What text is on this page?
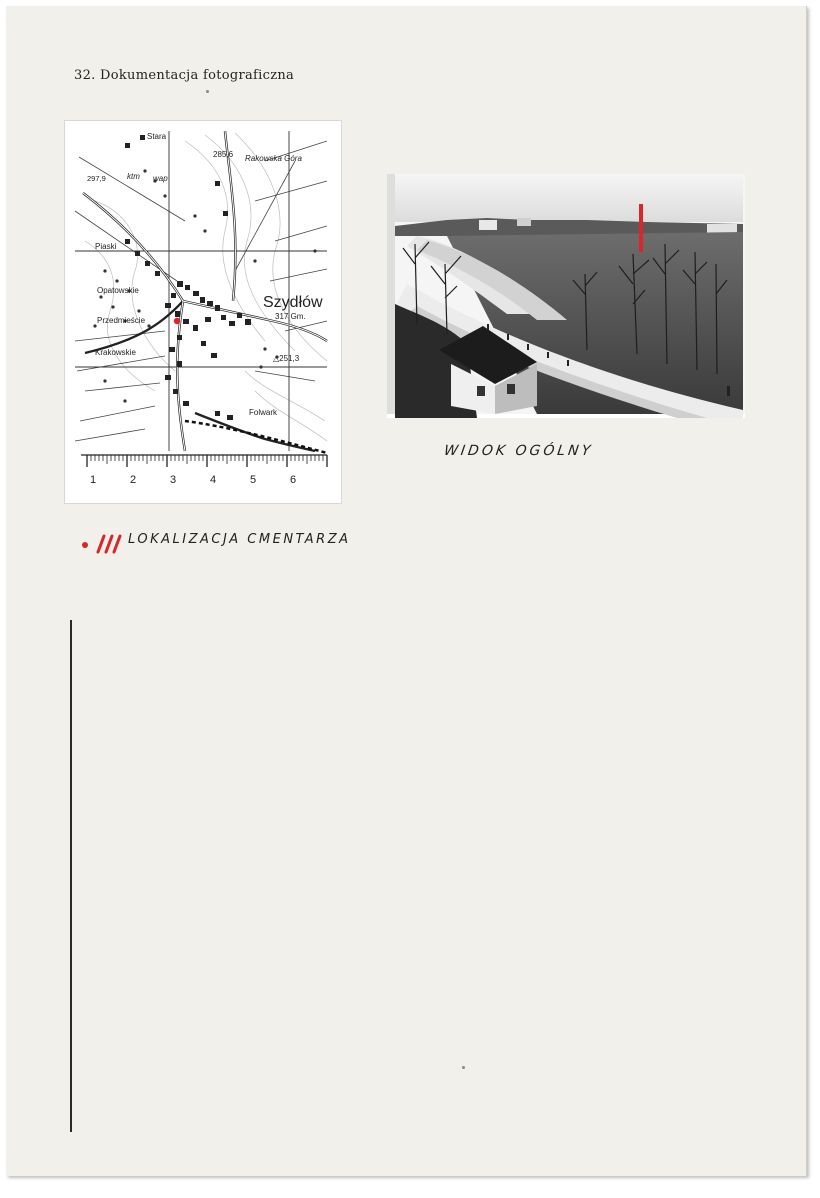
32. Dokumentacja fotograficzna
Stara
285,6 Rakowska Góra
297,9	ktm wap
Piaski
Opatowskie
Szydłów
317 Gm.
Przedmieście
Krakowskie
△251,3
Folwark
1	2	3	4	5	6
WIDOK OGÓLNY
LOKALIZACJA CMENTARZA
